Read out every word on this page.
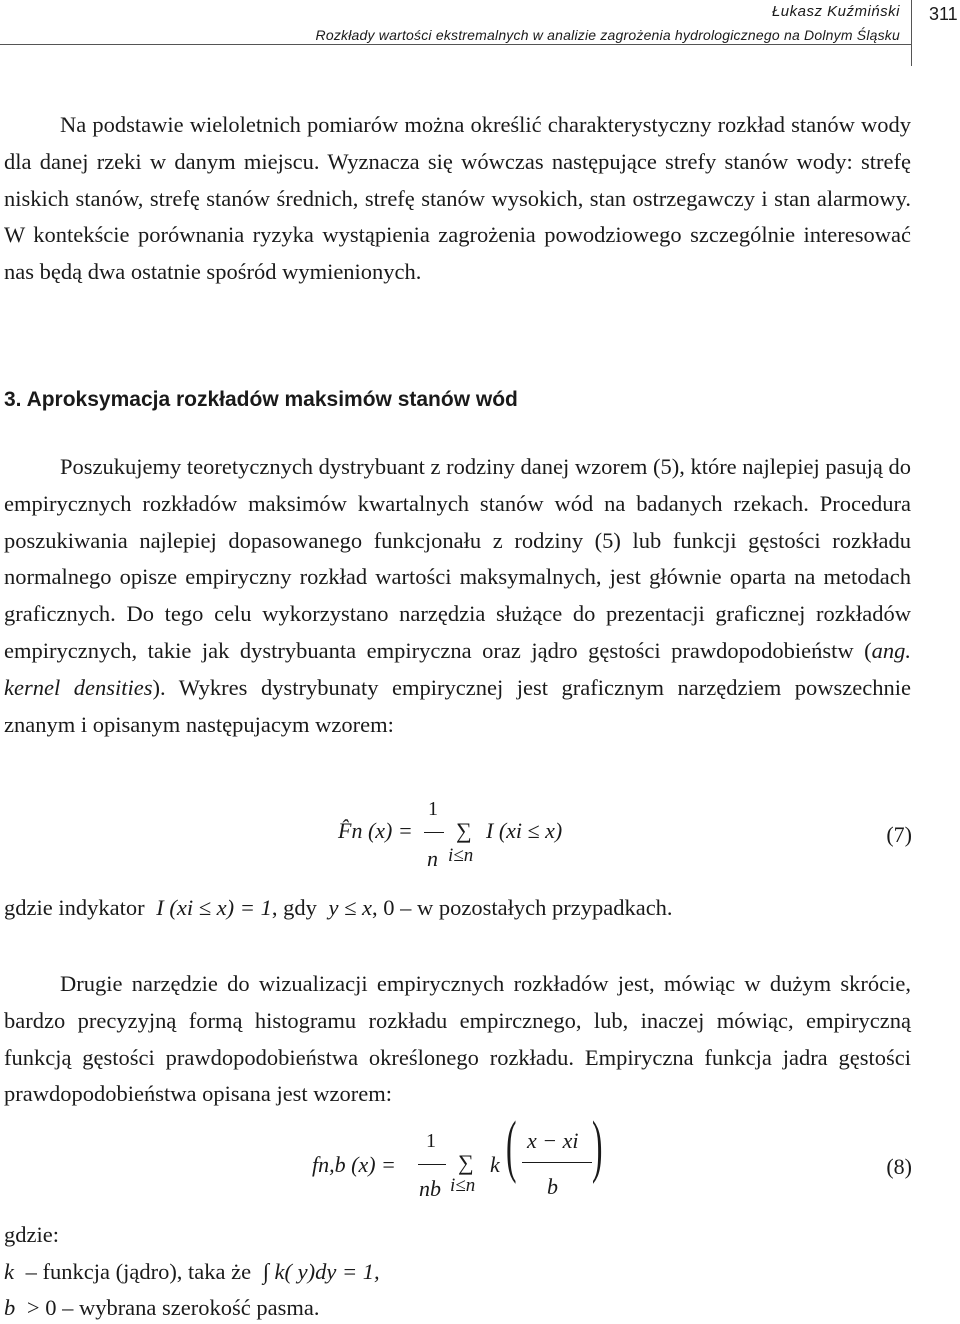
Łukasz Kuźmiński
Rozkłady wartości ekstremalnych w analizie zagrożenia hydrologicznego na Dolnym Śląsku
311

Na podstawie wieloletnich pomiarów można określić charakterystyczny rozkład stanów wody dla danej rzeki w danym miejscu. Wyznacza się wówczas następujące strefy stanów wody: strefę niskich stanów, strefę stanów średnich, strefę stanów wysokich, stan ostrzegawczy i stan alarmowy. W kontekście porównania ryzyka wystąpienia zagrożenia powodziowego szczególnie interesować nas będą dwa ostatnie spośród wymienionych.

3. Aproksymacja rozkładów maksimów stanów wód

Poszukujemy teoretycznych dystrybuant z rodziny danej wzorem (5), które najlepiej pasują do empirycznych rozkładów maksimów kwartalnych stanów wód na badanych rzekach. Procedura poszukiwania najlepiej dopasowanego funkcjonału z rodziny (5) lub funkcji gęstości rozkładu normalnego opisze empiryczny rozkład wartości maksymalnych, jest głównie oparta na metodach graficznych. Do tego celu wykorzystano narzędzia służące do prezentacji graficznej rozkładów empirycznych, takie jak dystrybuanta empiryczna oraz jądro gęstości prawdopodobieństw (ang. kernel densities). Wykres dystrybunaty empirycznej jest graficznym narzędziem powszechnie znanym i opisanym następujacym wzorem:

F̂n (x) =
1
n
∑
i≤n
I (xi ≤ x)	(7)
gdzie indykator I (xi ≤ x) = 1, gdy y ≤ x, 0 – w pozostałych przypadkach.

Drugie narzędzie do wizualizacji empirycznych rozkładów jest, mówiąc w dużym skrócie, bardzo precyzyjną formą histogramu rozkładu empircznego, lub, inaczej mówiąc, empiryczną funkcją gęstości prawdopodobieństwa określonego rozkładu. Empiryczna funkcja jadra gęstości prawdopodobieństwa opisana jest wzorem:

fn,b (x) =
1
nb
∑
i≤n
k ( x − xi
b
)	(8)
gdzie:
k – funkcja (jądro), taka że ∫ k( y)dy = 1,
b > 0 – wybrana szerokość pasma.
